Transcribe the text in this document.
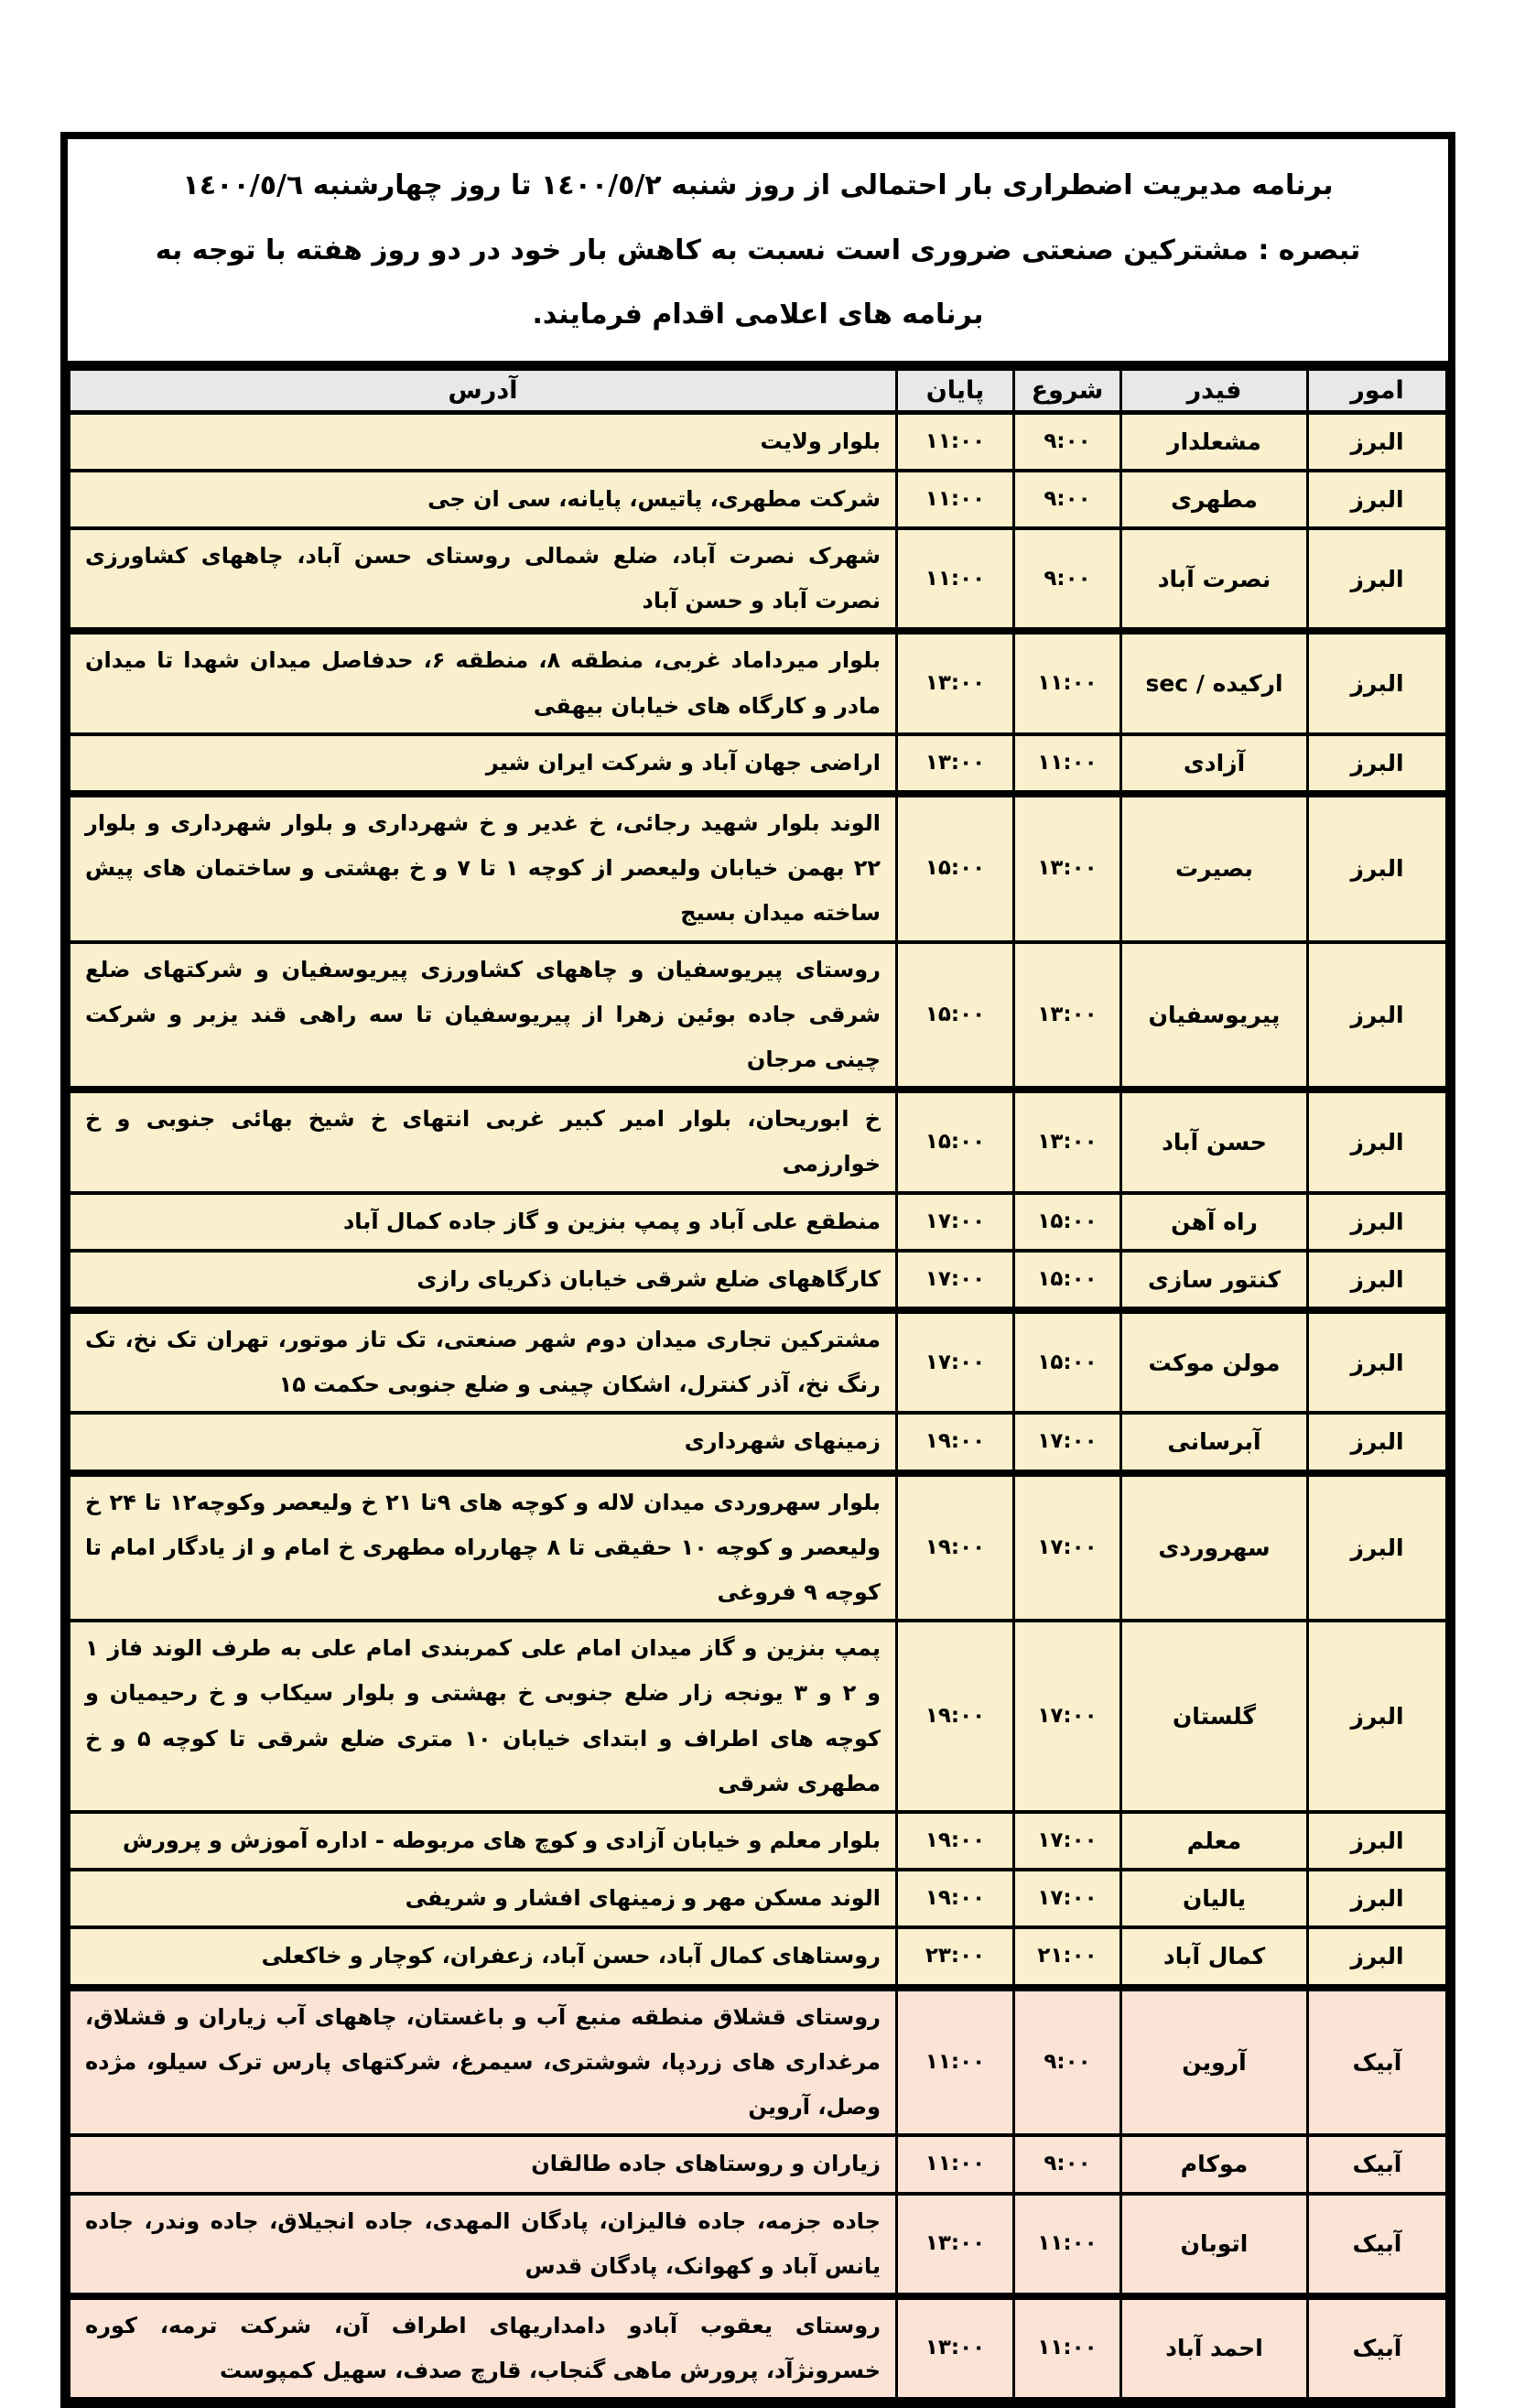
برنامه مدیریت اضطراری بار احتمالی از روز شنبه ١٤٠٠/٥/٢ تا روز چهارشنبه ١٤٠٠/٥/٦
تبصره : مشترکین صنعتی ضروری است نسبت به کاهش بار خود در دو روز هفته با توجه به
برنامه های اعلامی اقدام فرمایند.
امور	فیدر	شروع	پایان	آدرس
البرز	مشعلدار	۹:۰۰	۱۱:۰۰	بلوار ولایت
البرز	مطهری	۹:۰۰	۱۱:۰۰	شرکت مطهری، پاتیس، پایانه، سی ان جی
البرز	نصرت آباد	۹:۰۰	۱۱:۰۰	شهرک نصرت آباد، ضلع شمالی روستای حسن آباد، چاههای کشاورزی نصرت آباد و حسن آباد
البرز	ارکیده / sec	۱۱:۰۰	۱۳:۰۰	بلوار میرداماد غربی، منطقه ۸، منطقه ۶، حدفاصل میدان شهدا تا میدان مادر و کارگاه های خیابان بیهقی
البرز	آزادی	۱۱:۰۰	۱۳:۰۰	اراضی جهان آباد و شرکت ایران شیر
البرز	بصیرت	۱۳:۰۰	۱۵:۰۰	الوند بلوار شهید رجائی، خ غدیر و خ شهرداری و بلوار شهرداری و بلوار ۲۲ بهمن خیابان ولیعصر از کوچه ۱ تا ۷ و خ بهشتی و ساختمان های پیش ساخته میدان بسیج
البرز	پیریوسفیان	۱۳:۰۰	۱۵:۰۰	روستای پیریوسفیان و چاههای کشاورزی پیریوسفیان و شرکتهای ضلع شرقی جاده بوئین زهرا از پیریوسفیان تا سه راهی قند یزبر و شرکت چینی مرجان
البرز	حسن آباد	۱۳:۰۰	۱۵:۰۰	خ ابوریحان، بلوار امیر کبیر غربی انتهای خ شیخ بهائی جنوبی و خ خوارزمی
البرز	راه آهن	۱۵:۰۰	۱۷:۰۰	منطقع علی آباد و پمپ بنزین و گاز جاده کمال آباد
البرز	کنتور سازی	۱۵:۰۰	۱۷:۰۰	کارگاههای ضلع شرقی خیابان ذکریای رازی
البرز	مولن موکت	۱۵:۰۰	۱۷:۰۰	مشترکین تجاری میدان دوم شهر صنعتی، تک تاز موتور، تهران تک نخ، تک رنگ نخ، آذر کنترل، اشکان چینی و ضلع جنوبی حکمت ۱۵
البرز	آبرسانی	۱۷:۰۰	۱۹:۰۰	زمینهای شهرداری
البرز	سهروردی	۱۷:۰۰	۱۹:۰۰	بلوار سهروردی میدان لاله و کوچه های ۹تا ۲۱ خ ولیعصر وکوچه۱۲ تا ۲۴ خ ولیعصر و کوچه ۱۰ حقیقی تا ۸ چهارراه مطهری خ امام و از یادگار امام تا کوچه ۹ فروغی
البرز	گلستان	۱۷:۰۰	۱۹:۰۰	پمپ بنزین و گاز میدان امام علی کمربندی امام علی به طرف الوند فاز ۱ و ۲ و ۳ یونجه زار ضلع جنوبی خ بهشتی و بلوار سیکاب و خ رحیمیان و کوچه های اطراف و ابتدای خیابان ۱۰ متری ضلع شرقی تا کوچه ۵ و خ مطهری شرقی
البرز	معلم	۱۷:۰۰	۱۹:۰۰	بلوار معلم و خیابان آزادی و کوچ های مربوطه - اداره آموزش و پرورش
البرز	یالیان	۱۷:۰۰	۱۹:۰۰	الوند مسکن مهر و زمینهای افشار و شریفی
البرز	کمال آباد	۲۱:۰۰	۲۳:۰۰	روستاهای کمال آباد، حسن آباد، زعفران، کوچار و خاکعلی
آبیک	آروین	۹:۰۰	۱۱:۰۰	روستای قشلاق منطقه منبع آب و باغستان، چاههای آب زیاران و قشلاق، مرغداری های زردپا، شوشتری، سیمرغ، شرکتهای پارس ترک سیلو، مژده وصل، آروین
آبیک	موکام	۹:۰۰	۱۱:۰۰	زیاران و روستاهای جاده طالقان
آبیک	اتوبان	۱۱:۰۰	۱۳:۰۰	جاده جزمه، جاده فالیزان، پادگان المهدی، جاده انجیلاق، جاده وندر، جاده یانس آباد و کهوانک، پادگان قدس
آبیک	احمد آباد	۱۱:۰۰	۱۳:۰۰	روستای یعقوب آبادو دامداریهای اطراف آن، شرکت ترمه، کوره خسرونژآد، پرورش ماهی گنجاب، قارچ صدف، سهیل کمپوست
